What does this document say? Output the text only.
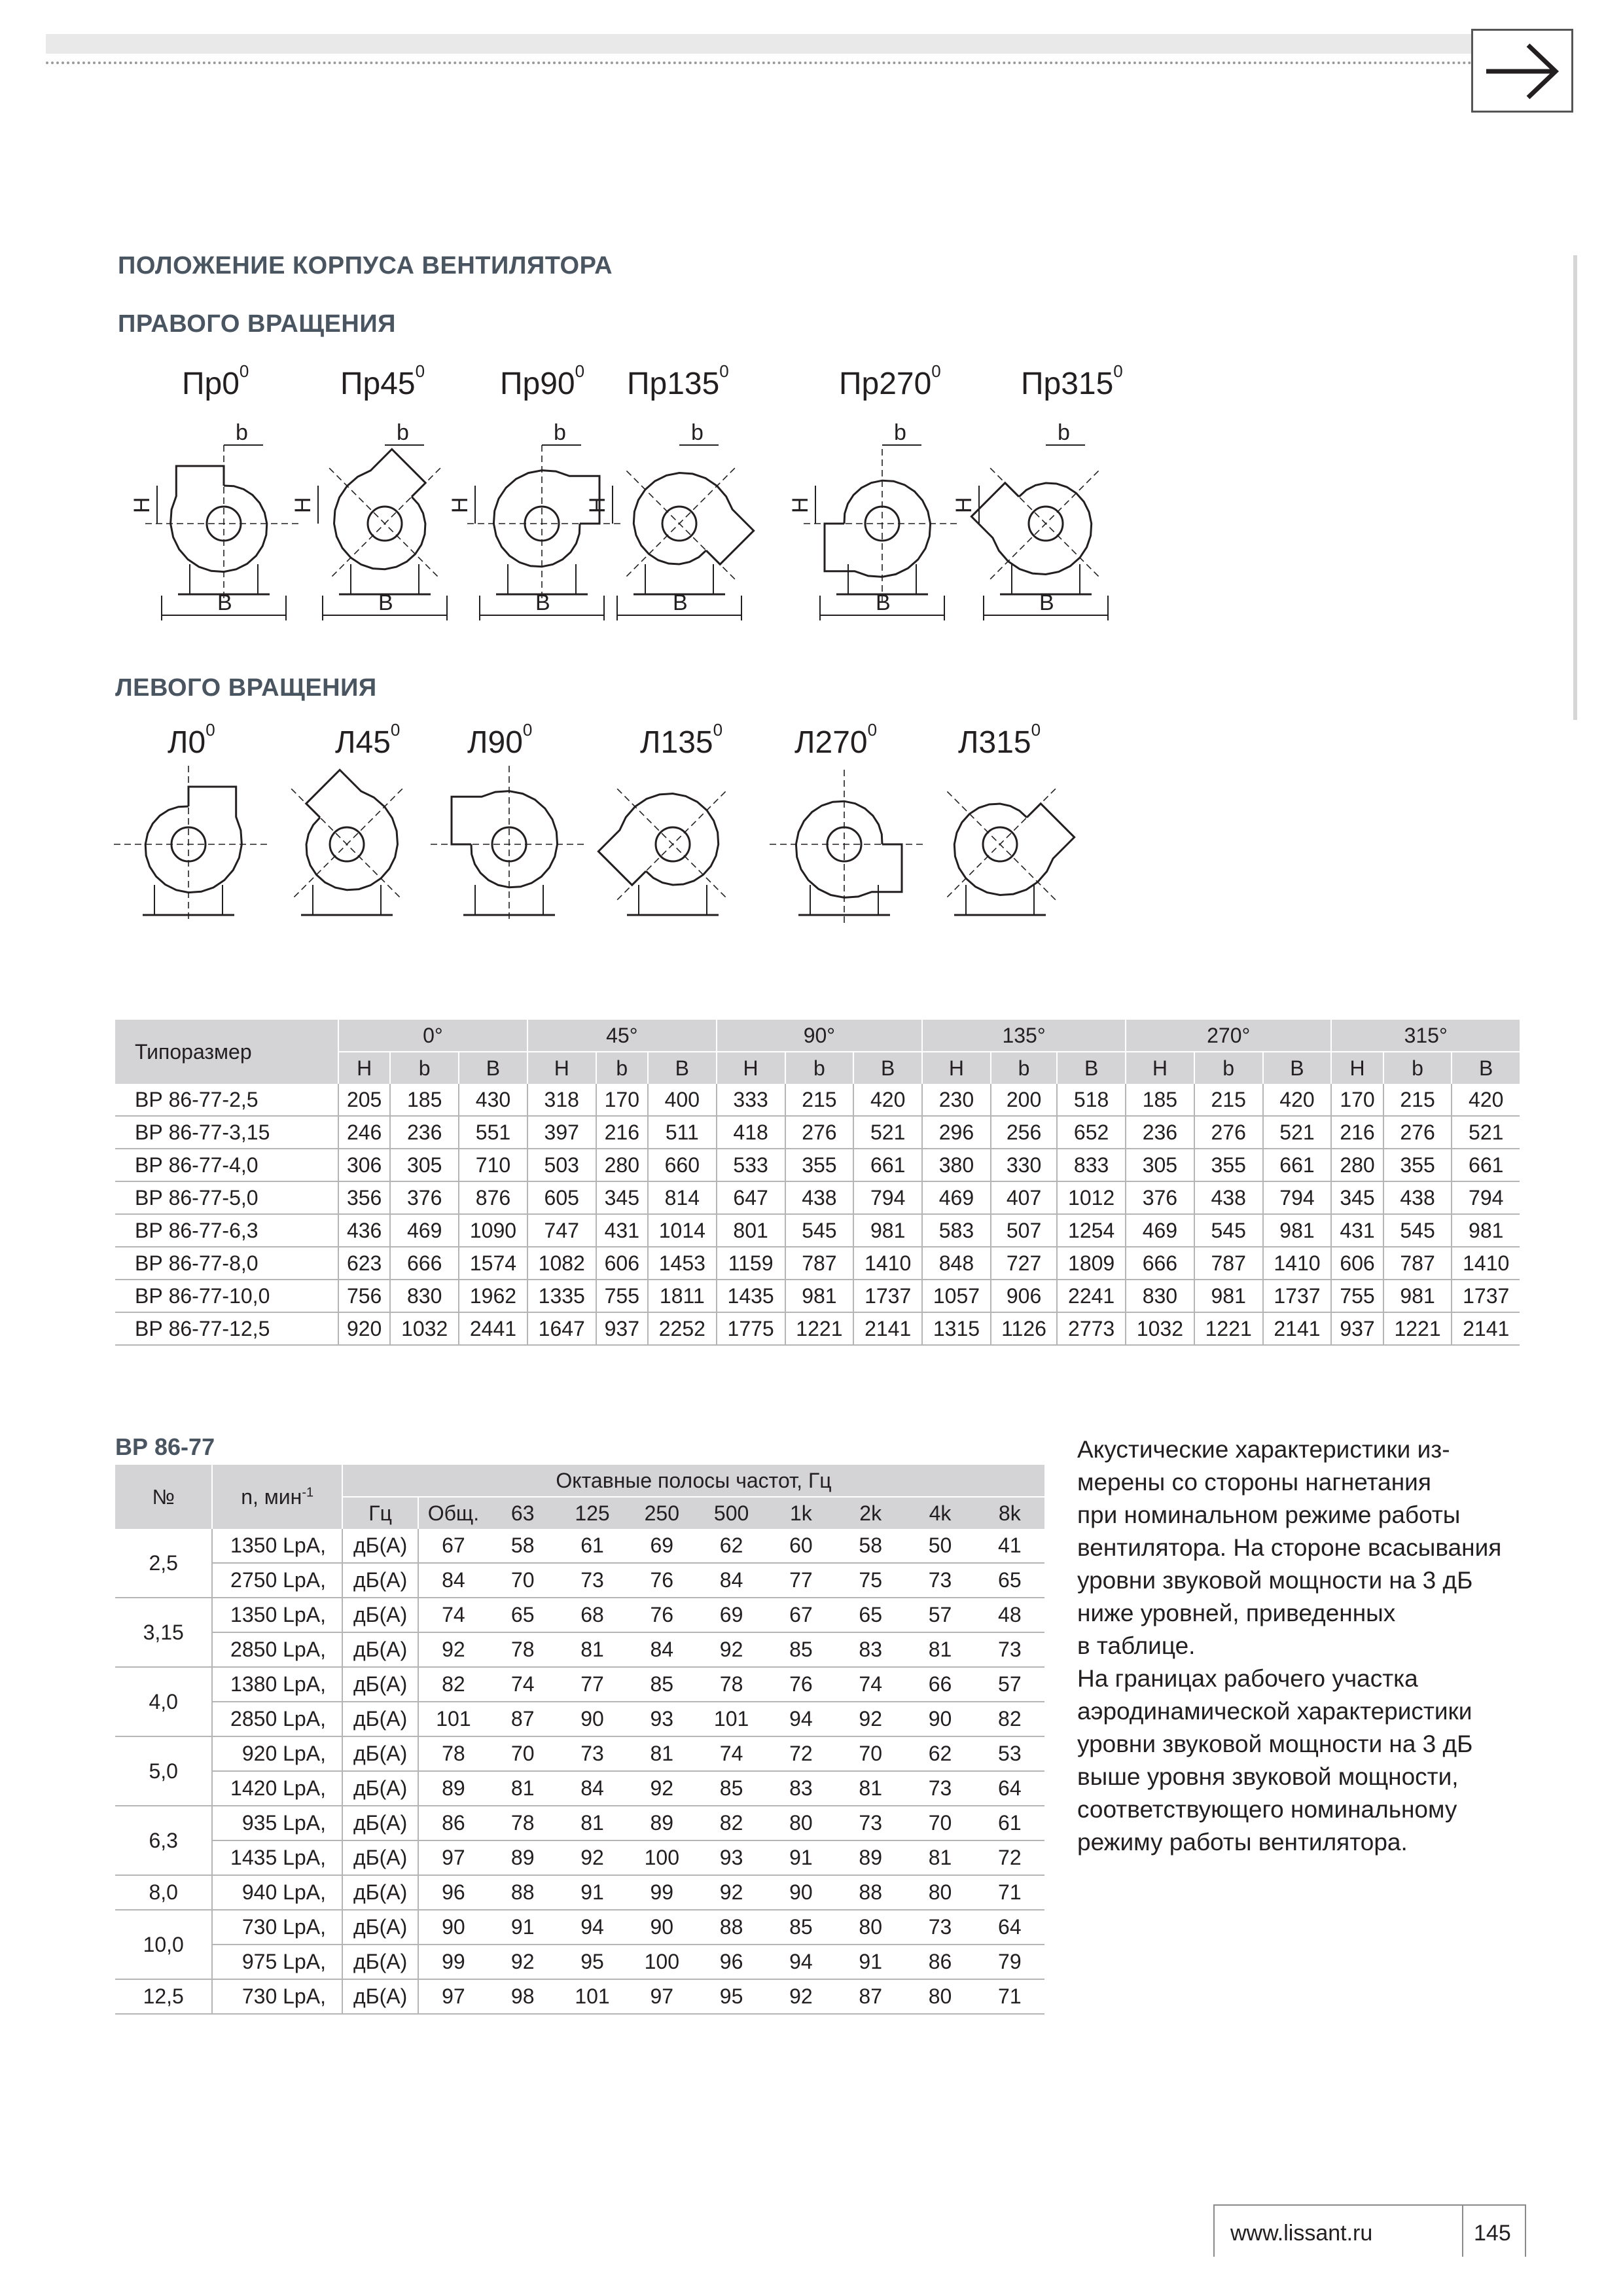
ПОЛОЖЕНИЕ КОРПУСА ВЕНТИЛЯТОРА
ПРАВОГО ВРАЩЕНИЯ
ЛЕВОГО ВРАЩЕНИЯ
$Пр0^0$
B
b
H
$Пр45^0$
B
b
H
$Пр90^0$
B
b
H
$Пр135^0$
B
b
H
$Пр270^0$
B
b
H
$Пр315^0$
B
b
H
$Л0^0$	$Л45^0$ $Л90^0$	$Л135^0$ $Л270^0$	$Л315^0$
Типоразмер	0°			45°			90°			135°			270°			315°		
	H	b	B	H	b	B	H	b	B	H	b	B	H	b	B	H	b	B
ВР 86-77-2,5	205	185	430	318	170	400	333	215	420	230	200	518	185	215	420	170	215	420
ВР 86-77-3,15	246	236	551	397	216	511	418	276	521	296	256	652	236	276	521	216	276	521
ВР 86-77-4,0	306	305	710	503	280	660	533	355	661	380	330	833	305	355	661	280	355	661
ВР 86-77-5,0	356	376	876	605	345	814	647	438	794	469	407	1012	376	438	794	345	438	794
ВР 86-77-6,3	436	469	1090	747	431	1014	801	545	981	583	507	1254	469	545	981	431	545	981
ВР 86-77-8,0	623	666	1574	1082	606	1453	1159	787	1410	848	727	1809	666	787	1410	606	787	1410
ВР 86-77-10,0	756	830	1962	1335	755	1811	1435	981	1737	1057	906	2241	830	981	1737	755	981	1737
ВР 86-77-12,5	920	1032	2441	1647	937	2252	1775	1221	2141	1315	1126	2773	1032	1221	2141	937	1221	2141
ВР 86-77
№	n, мин$^{-1}$	Октавные полосы частот, Гц									
		Гц	Общ.	63	125	250	500	1k	2k	4k	8k
2,5	1350 LpA,	дБ(А)	67	58	61	69	62	60	58	50	41
	2750 LpA,	дБ(А)	84	70	73	76	84	77	75	73	65
3,15	1350 LpA,	дБ(А)	74	65	68	76	69	67	65	57	48
	2850 LpA,	дБ(А)	92	78	81	84	92	85	83	81	73
4,0	1380 LpA,	дБ(А)	82	74	77	85	78	76	74	66	57
	2850 LpA,	дБ(А)	101	87	90	93	101	94	92	90	82
5,0	920 LpA,	дБ(А)	78	70	73	81	74	72	70	62	53
	1420 LpA,	дБ(А)	89	81	84	92	85	83	81	73	64
6,3	935 LpA,	дБ(А)	86	78	81	89	82	80	73	70	61
	1435 LpA,	дБ(А)	97	89	92	100	93	91	89	81	72
8,0	940 LpA,	дБ(А)	96	88	91	99	92	90	88	80	71
10,0	730 LpA,	дБ(А)	90	91	94	90	88	85	80	73	64
	975 LpA,	дБ(А)	99	92	95	100	96	94	91	86	79
12,5	730 LpA,	дБ(А)	97	98	101	97	95	92	87	80	71
Акустические характеристики из-
мерены со стороны нагнетания
при номинальном режиме работы
вентилятора. На стороне всасывания
уровни звуковой мощности на 3 дБ
ниже уровней, приведенных
в таблице.
На границах рабочего участка
аэродинамической характеристики
уровни звуковой мощности на 3 дБ
выше уровня звуковой мощности,
соответствующего номинальному
режиму работы вентилятора.
www.lissant.ru	145
